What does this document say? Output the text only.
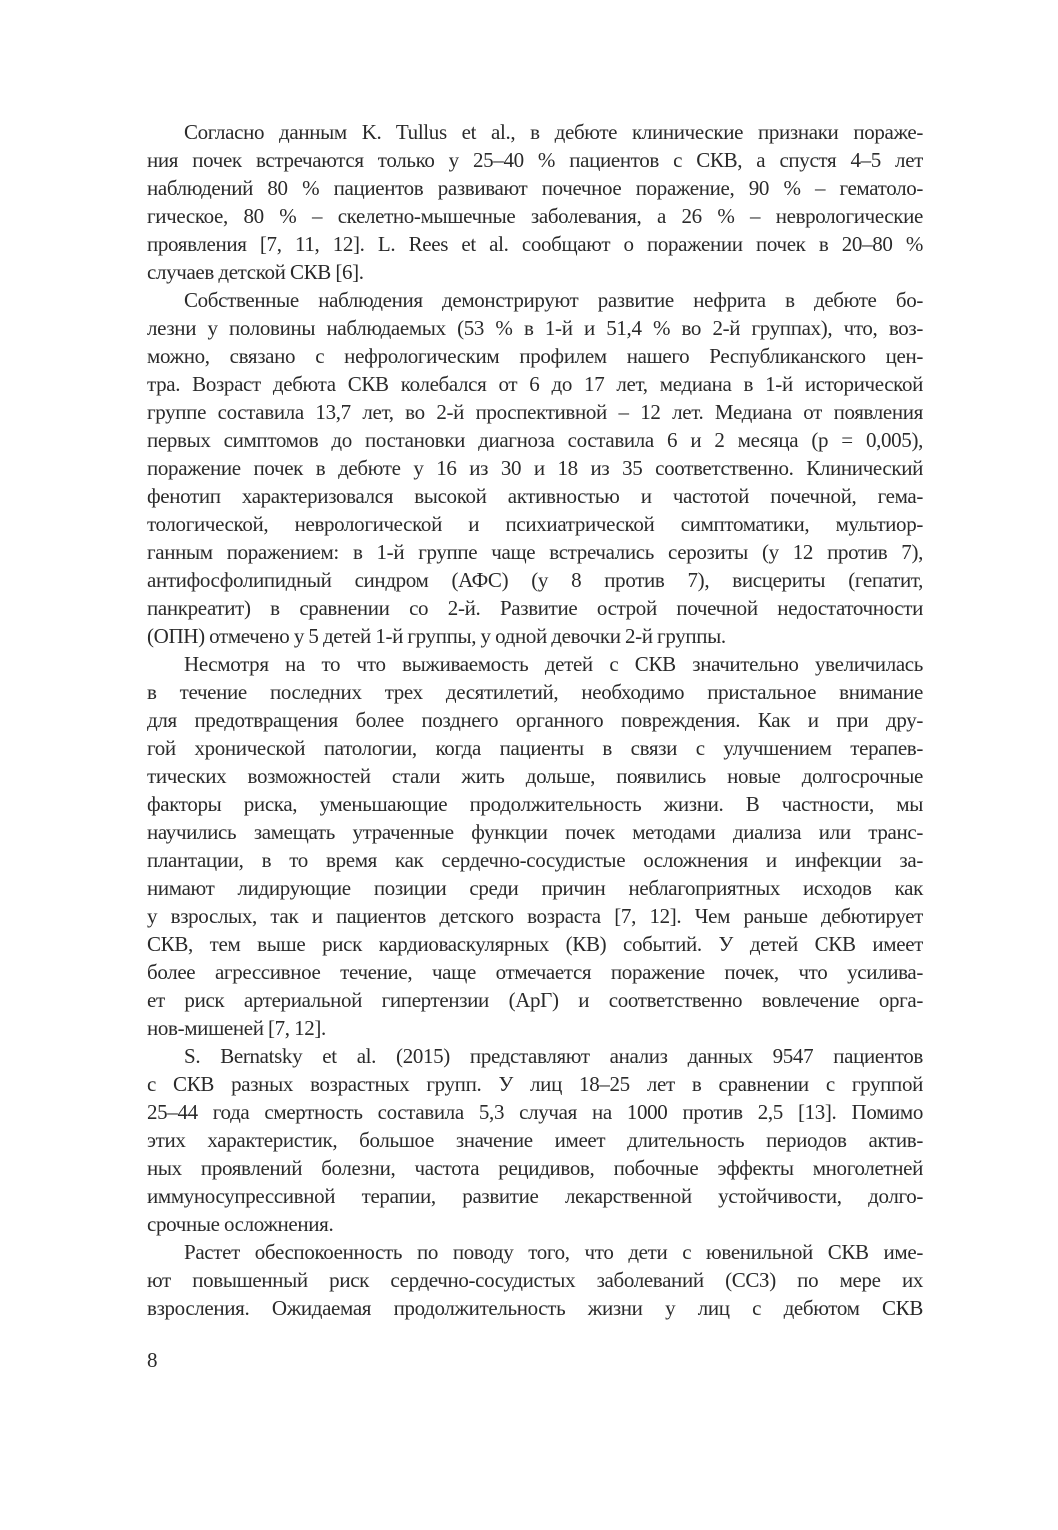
Согласно данным K. Tullus et al., в дебюте клинические признаки пораже-
ния почек встречаются только у 25–40 % пациентов с СКВ, а спустя 4–5 лет
наблюдений 80 % пациентов развивают почечное поражение, 90 % – гематоло-
гическое, 80 % – скелетно-мышечные заболевания, а 26 % – неврологические
проявления [7, 11, 12]. L. Rees et al. сообщают о поражении почек в 20–80 %
случаев детской СКВ [6].
Собственные наблюдения демонстрируют развитие нефрита в дебюте бо-
лезни у половины наблюдаемых (53 % в 1-й и 51,4 % во 2-й группах), что, воз-
можно, связано с нефрологическим профилем нашего Республиканского цен-
тра. Возраст дебюта СКВ колебался от 6 до 17 лет, медиана в 1-й исторической
группе составила 13,7 лет, во 2-й проспективной – 12 лет. Медиана от появления
первых симптомов до постановки диагноза составила 6 и 2 месяца (p = 0,005),
поражение почек в дебюте у 16 из 30 и 18 из 35 соответственно. Клинический
фенотип характеризовался высокой активностью и частотой почечной, гема-
тологической, неврологической и психиатрической симптоматики, мультиор-
ганным поражением: в 1-й группе чаще встречались серозиты (у 12 против 7),
антифосфолипидный синдром (АФС) (у 8 против 7), висцериты (гепатит,
панкреатит) в сравнении со 2-й. Развитие острой почечной недостаточности
(ОПН) отмечено у 5 детей 1-й группы, у одной девочки 2-й группы.
Несмотря на то что выживаемость детей с СКВ значительно увеличилась
в течение последних трех десятилетий, необходимо пристальное внимание
для предотвращения более позднего органного повреждения. Как и при дру-
гой хронической патологии, когда пациенты в связи с улучшением терапев-
тических возможностей стали жить дольше, появились новые долгосрочные
факторы риска, уменьшающие продолжительность жизни. В частности, мы
научились замещать утраченные функции почек методами диализа или транс-
плантации, в то время как сердечно-сосудистые осложнения и инфекции за-
нимают лидирующие позиции среди причин неблагоприятных исходов как
у взрослых, так и пациентов детского возраста [7, 12]. Чем раньше дебютирует
СКВ, тем выше риск кардиоваскулярных (КВ) событий. У детей СКВ имеет
более агрессивное течение, чаще отмечается поражение почек, что усилива-
ет риск артериальной гипертензии (АрГ) и соответственно вовлечение орга-
нов-мишеней [7, 12].
S. Bernatsky et al. (2015) представляют анализ данных 9547 пациентов
с СКВ разных возрастных групп. У лиц 18–25 лет в сравнении с группой
25–44 года смертность составила 5,3 случая на 1000 против 2,5 [13]. Помимо
этих характеристик, большое значение имеет длительность периодов актив-
ных проявлений болезни, частота рецидивов, побочные эффекты многолетней
иммуносупрессивной терапии, развитие лекарственной устойчивости, долго-
срочные осложнения.
Растет обеспокоенность по поводу того, что дети с ювенильной СКВ име-
ют повышенный риск сердечно-сосудистых заболеваний (ССЗ) по мере их
взросления. Ожидаемая продолжительность жизни у лиц с дебютом СКВ
8
